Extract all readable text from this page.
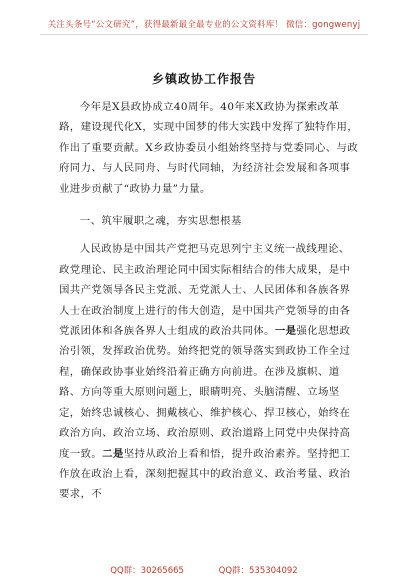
关注头条号“公文研究”，获得最新最全最专业的公文资料库！ 微信：gongwenyj
乡镇政协工作报告

今年是X县政协成立40周年。40年来X政协为探索改革路，建设现代化X，实现中国梦的伟大实践中发挥了独特作用，作出了重要贡献。X乡政协委员小组始终坚持与党委同心、与政府同力、与人民同舟、与时代同轴，为经济社会发展和各项事业进步贡献了“政协力量”力量。

一、筑牢履职之魂，夯实思想根基

人民政协是中国共产党把马克思列宁主义统一战线理论、政党理论、民主政治理论同中国实际相结合的伟大成果，是中国共产党领导各民主党派、无党派人士、人民团体和各族各界人士在政治制度上进行的伟大创造，是中国共产党领导的由各党派团体和各族各界人士组成的政治共同体。一是强化思想政治引领，发挥政治优势。始终把党的领导落实到政协工作全过程，确保政协事业始终沿着正确方向前进。在涉及旗帜、道路、方向等重大原则问题上，眼睛明亮、头脑清醒、立场坚定，始终忠诚核心、拥戴核心、维护核心、捍卫核心，始终在政治方向、政治立场、政治原则、政治道路上同党中央保持高度一致。二是坚持从政治上看和悟，提升政治素养。坚持把工作放在政治上看，深刻把握其中的政治意义、政治考量、政治要求，不

QQ群：30265665	QQ群：535304092
